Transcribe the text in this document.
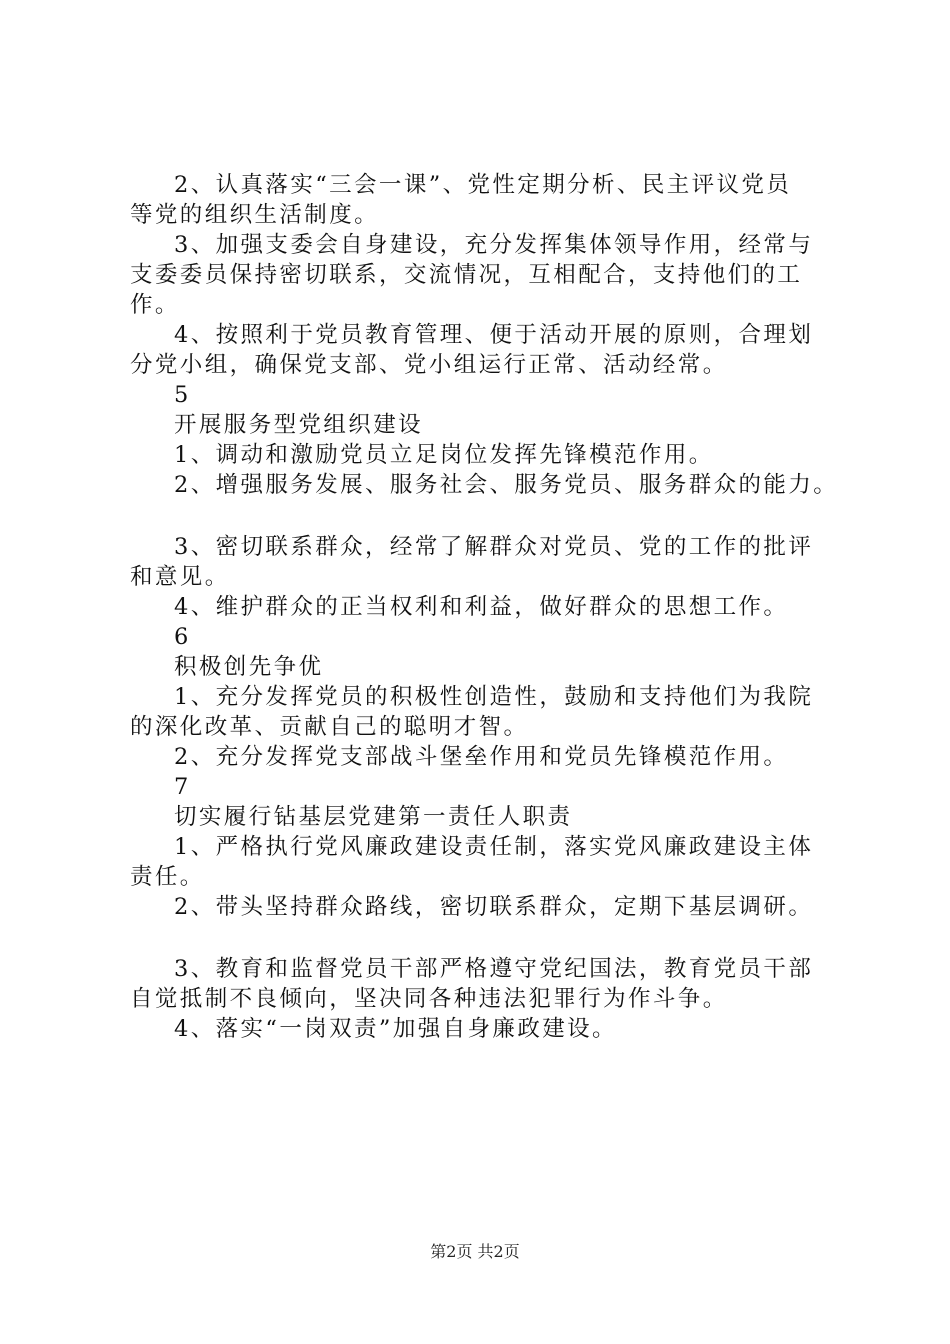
2、认真落实“三会一课”、党性定期分析、民主评议党员
等党的组织生活制度。
3、加强支委会自身建设，充分发挥集体领导作用，经常与
支委委员保持密切联系，交流情况，互相配合，支持他们的工
作。
4、按照利于党员教育管理、便于活动开展的原则，合理划
分党小组，确保党支部、党小组运行正常、活动经常。
5
开展服务型党组织建设
1、调动和激励党员立足岗位发挥先锋模范作用。
2、增强服务发展、服务社会、服务党员、服务群众的能力。
3、密切联系群众，经常了解群众对党员、党的工作的批评
和意见。
4、维护群众的正当权利和利益，做好群众的思想工作。
6
积极创先争优
1、充分发挥党员的积极性创造性，鼓励和支持他们为我院
的深化改革、贡献自己的聪明才智。
2、充分发挥党支部战斗堡垒作用和党员先锋模范作用。
7
切实履行钻基层党建第一责任人职责
1、严格执行党风廉政建设责任制，落实党风廉政建设主体
责任。
2、带头坚持群众路线，密切联系群众，定期下基层调研。
3、教育和监督党员干部严格遵守党纪国法，教育党员干部
自觉抵制不良倾向，坚决同各种违法犯罪行为作斗争。
4、落实“一岗双责”加强自身廉政建设。
第2页 共2页
